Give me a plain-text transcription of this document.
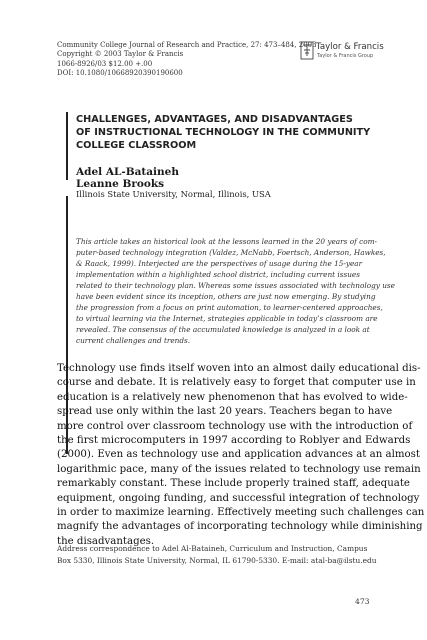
Community College Journal of Research and Practice, 27: 473–484, 2003
Copyright © 2003 Taylor & Francis
1066-8926/03 $12.00 +.00
DOI: 10.1080/10668920390190600
Taylor & Francis
Taylor & Francis Group
CHALLENGES, ADVANTAGES, AND DISADVANTAGES
OF INSTRUCTIONAL TECHNOLOGY IN THE COMMUNITY
COLLEGE CLASSROOM
Adel AL-Bataineh
Leanne Brooks
Illinois State University, Normal, Illinois, USA
This article takes an historical look at the lessons learned in the 20 years of com-
puter-based technology integration (Valdez, McNabb, Foertsch, Anderson, Hawkes,
& Raack, 1999). Interjected are the perspectives of usage during the 15-year
implementation within a highlighted school district, including current issues
related to their technology plan. Whereas some issues associated with technology use
have been evident since its inception, others are just now emerging. By studying
the progression from a focus on print automation, to learner-centered approaches,
to virtual learning via the Internet, strategies applicable in today’s classroom are
revealed. The consensus of the accumulated knowledge is analyzed in a look at
current challenges and trends.
Technology use finds itself woven into an almost daily educational dis-
course and debate. It is relatively easy to forget that computer use in
education is a relatively new phenomenon that has evolved to wide-
spread use only within the last 20 years. Teachers began to have
more control over classroom technology use with the introduction of
the first microcomputers in 1997 according to Roblyer and Edwards
(2000). Even as technology use and application advances at an almost
logarithmic pace, many of the issues related to technology use remain
remarkably constant. These include properly trained staff, adequate
equipment, ongoing funding, and successful integration of technology
in order to maximize learning. Effectively meeting such challenges can
magnify the advantages of incorporating technology while diminishing
the disadvantages.
Address correspondence to Adel Al-Bataineh, Curriculum and Instruction, Campus
Box 5330, Illinois State University, Normal, IL 61790-5330. E-mail: atal-ba@ilstu.edu
473
